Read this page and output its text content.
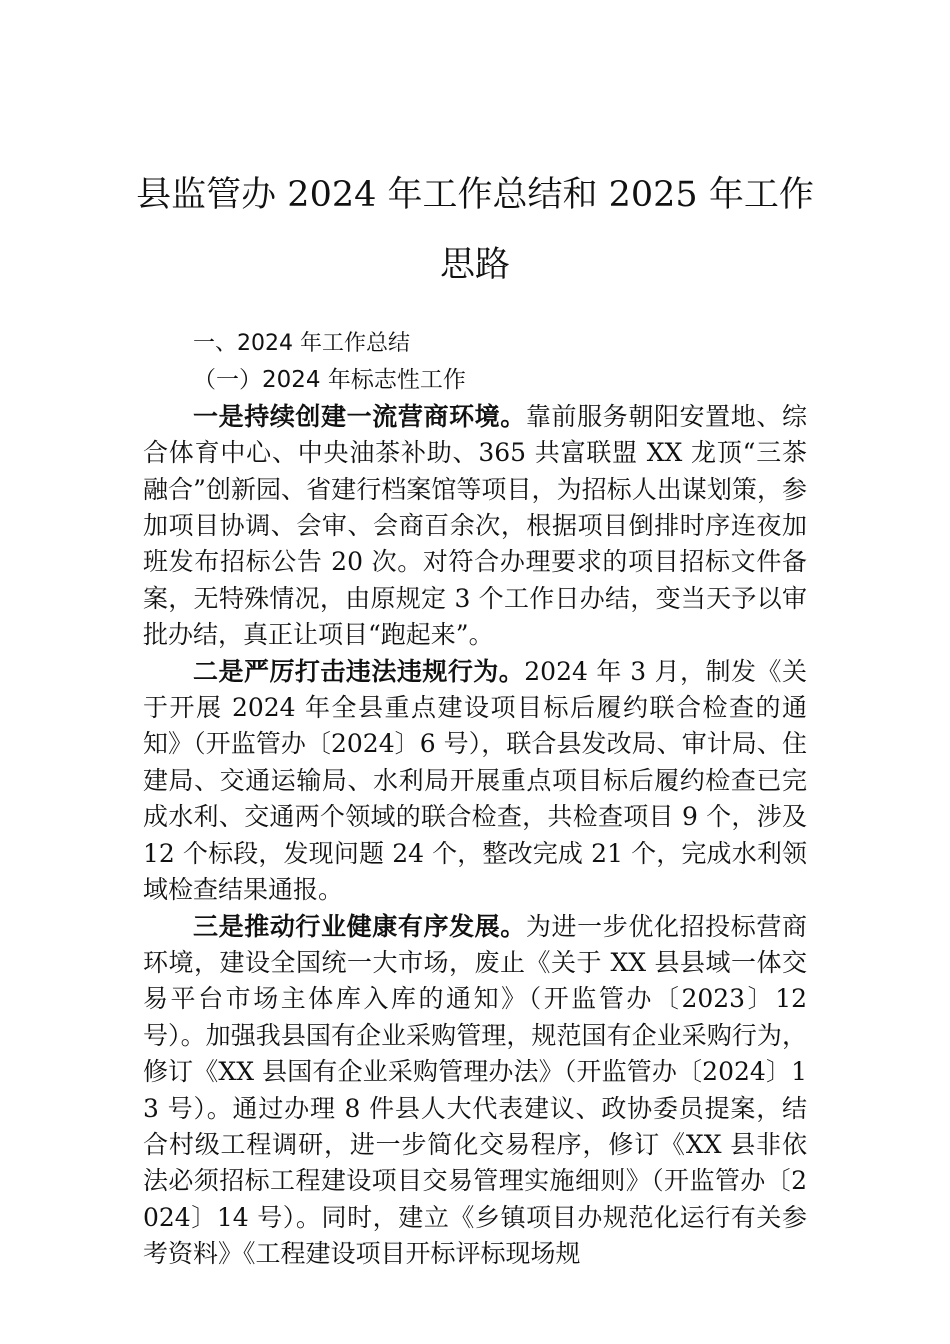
县监管办 2024 年工作总结和 2025 年工作思路

一、2024 年工作总结

（一）2024 年标志性工作

一是持续创建一流营商环境。靠前服务朝阳安置地、综合体育中心、中央油茶补助、365 共富联盟 XX 龙顶“三茶融合”创新园、省建行档案馆等项目，为招标人出谋划策，参加项目协调、会审、会商百余次，根据项目倒排时序连夜加班发布招标公告 20 次。对符合办理要求的项目招标文件备案，无特殊情况，由原规定 3 个工作日办结，变当天予以审批办结，真正让项目“跑起来”。

二是严厉打击违法违规行为。2024 年 3 月，制发《关于开展 2024 年全县重点建设项目标后履约联合检查的通知》（开监管办〔2024〕6 号），联合县发改局、审计局、住建局、交通运输局、水利局开展重点项目标后履约检查已完成水利、交通两个领域的联合检查，共检查项目 9 个，涉及 12 个标段，发现问题 24 个，整改完成 21 个，完成水利领域检查结果通报。

三是推动行业健康有序发展。为进一步优化招投标营商环境，建设全国统一大市场，废止《关于 XX 县县域一体交易平台市场主体库入库的通知》（开监管办〔2023〕12 号）。加强我县国有企业采购管理，规范国有企业采购行为，修订《XX 县国有企业采购管理办法》（开监管办〔2024〕13 号）。通过办理 8 件县人大代表建议、政协委员提案，结合村级工程调研，进一步简化交易程序，修订《XX 县非依法必须招标工程建设项目交易管理实施细则》（开监管办〔2024〕14 号）。同时，建立《乡镇项目办规范化运行有关参考资料》《工程建设项目开标评标现场规
